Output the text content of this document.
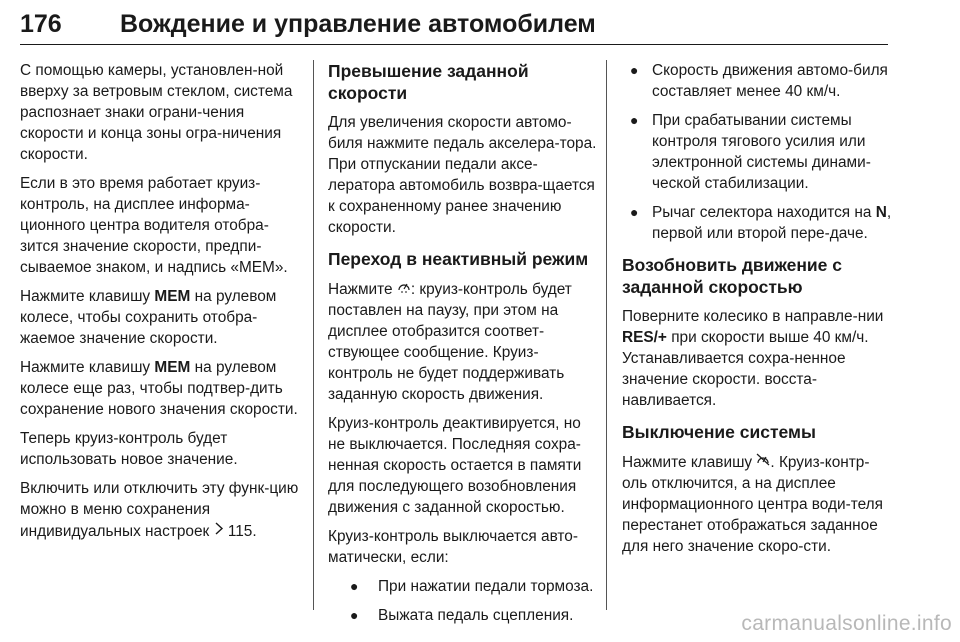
176 Вождение и управление автомобилем

С помощью камеры, установлен-ной вверху за ветровым стеклом, система распознает знаки ограни-чения скорости и конца зоны огра-ничения скорости.

Если в это время работает круиз-контроль, на дисплее информа-ционного центра водителя отобра-зится значение скорости, предпи-сываемое знаком, и надпись «MEM».

Нажмите клавишу MEM на рулевом колесе, чтобы сохранить отобра-жаемое значение скорости.

Нажмите клавишу MEM на рулевом колесе еще раз, чтобы подтвер-дить сохранение нового значения скорости.

Теперь круиз-контроль будет использовать новое значение.

Включить или отключить эту функ-цию можно в меню сохранения индивидуальных настроек 115.

Превышение заданной скорости

Для увеличения скорости автомо-биля нажмите педаль акселера-тора. При отпускании педали аксе-лератора автомобиль возвра-щается к сохраненному ранее значению скорости.

Переход в неактивный режим

Нажмите : круиз-контроль будет поставлен на паузу, при этом на дисплее отобразится соответ-ствующее сообщение. Круиз-контроль не будет поддерживать заданную скорость движения.

Круиз-контроль деактивируется, но не выключается. Последняя сохра-ненная скорость остается в памяти для последующего возобновления движения с заданной скоростью.

Круиз-контроль выключается авто-матически, если:

● При нажатии педали тормоза.
● Выжата педаль сцепления.
● Скорость движения автомо-биля составляет менее 40 км/ч.
● При срабатывании системы контроля тягового усилия или электронной системы динами-ческой стабилизации.
● Рычаг селектора находится на N, первой или второй пере-даче.
Возобновить движение с заданной скоростью

Поверните колесико в направле-нии RES/+ при скорости выше 40 км/ч. Устанавливается сохра-ненное значение скорости. восста-навливается.

Выключение системы

Нажмите клавишу . Круиз-контр-оль отключится, а на дисплее информационного центра води-теля перестанет отображаться заданное для него значение скоро-сти.

carmanualsonline.info
